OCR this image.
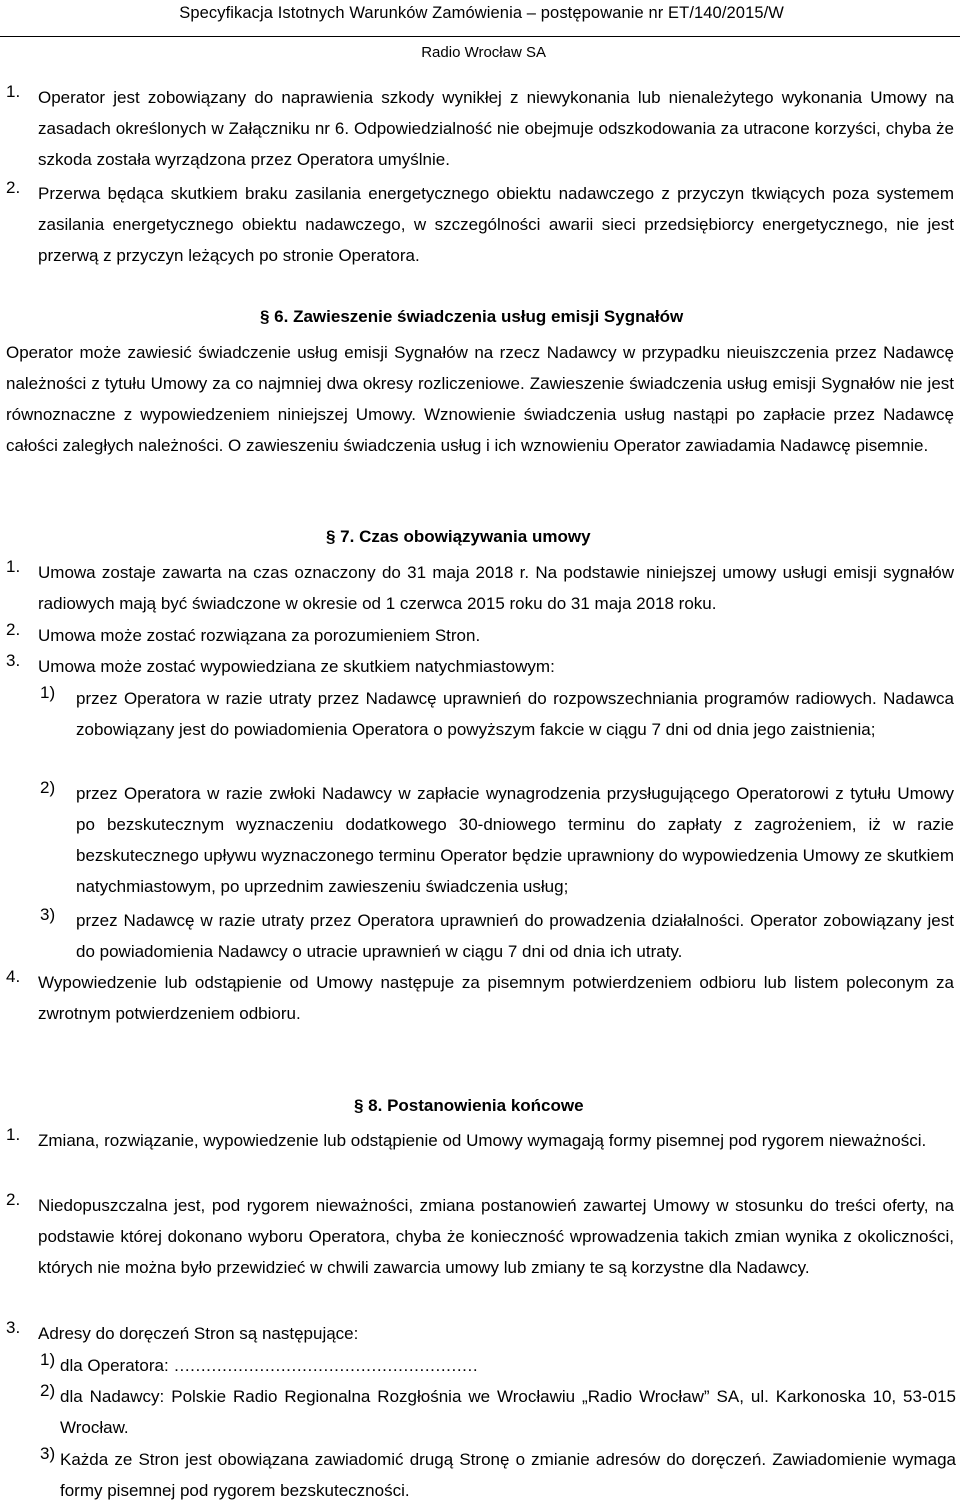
Specyfikacja Istotnych Warunków Zamówienia – postępowanie nr ET/140/2015/W
Radio Wrocław SA
1. Operator jest zobowiązany do naprawienia szkody wynikłej z niewykonania lub nienależytego wykonania Umowy na zasadach określonych w Załączniku nr 6. Odpowiedzialność nie obejmuje odszkodowania za utracone korzyści, chyba że szkoda została wyrządzona przez Operatora umyślnie.
2. Przerwa będąca skutkiem braku zasilania energetycznego obiektu nadawczego z przyczyn tkwiących poza systemem zasilania energetycznego obiektu nadawczego, w szczególności awarii sieci przedsiębiorcy energetycznego, nie jest przerwą z przyczyn leżących po stronie Operatora.
§ 6. Zawieszenie świadczenia usług emisji Sygnałów
Operator może zawiesić świadczenie usług emisji Sygnałów na rzecz Nadawcy w przypadku nieuiszczenia przez Nadawcę należności z tytułu Umowy za co najmniej dwa okresy rozliczeniowe. Zawieszenie świadczenia usług emisji Sygnałów nie jest równoznaczne z wypowiedzeniem niniejszej Umowy. Wznowienie świadczenia usług nastąpi po zapłacie przez Nadawcę całości zaległych należności. O zawieszeniu świadczenia usług i ich wznowieniu Operator zawiadamia Nadawcę pisemnie.
§ 7. Czas obowiązywania umowy
1. Umowa zostaje zawarta na czas oznaczony do 31 maja 2018 r. Na podstawie niniejszej umowy usługi emisji sygnałów radiowych mają być świadczone w okresie od 1 czerwca 2015 roku do 31 maja 2018 roku.
2. Umowa może zostać rozwiązana za porozumieniem Stron.
3. Umowa może zostać wypowiedziana ze skutkiem natychmiastowym:
1) przez Operatora w razie utraty przez Nadawcę uprawnień do rozpowszechniania programów radiowych. Nadawca zobowiązany jest do powiadomienia Operatora o powyższym fakcie w ciągu 7 dni od dnia jego zaistnienia;
2) przez Operatora w razie zwłoki Nadawcy w zapłacie wynagrodzenia przysługującego Operatorowi z tytułu Umowy po bezskutecznym wyznaczeniu dodatkowego 30-dniowego terminu do zapłaty z zagrożeniem, iż w razie bezskutecznego upływu wyznaczonego terminu Operator będzie uprawniony do wypowiedzenia Umowy ze skutkiem natychmiastowym, po uprzednim zawieszeniu świadczenia usług;
3) przez Nadawcę w razie utraty przez Operatora uprawnień do prowadzenia działalności. Operator zobowiązany jest do powiadomienia Nadawcy o utracie uprawnień w ciągu 7 dni od dnia ich utraty.
4. Wypowiedzenie lub odstąpienie od Umowy następuje za pisemnym potwierdzeniem odbioru lub listem poleconym za zwrotnym potwierdzeniem odbioru.
§ 8. Postanowienia końcowe
1. Zmiana, rozwiązanie, wypowiedzenie lub odstąpienie od Umowy wymagają formy pisemnej pod rygorem nieważności.
2. Niedopuszczalna jest, pod rygorem nieważności, zmiana postanowień zawartej Umowy w stosunku do treści oferty, na podstawie której dokonano wyboru Operatora, chyba że konieczność wprowadzenia takich zmian wynika z okoliczności, których nie można było przewidzieć w chwili zawarcia umowy lub zmiany te są korzystne dla Nadawcy.
3. Adresy do doręczeń Stron są następujące:
1) dla Operatora: …………………………………………………
2) dla Nadawcy: Polskie Radio Regionalna Rozgłośnia we Wrocławiu „Radio Wrocław” SA, ul. Karkonoska 10, 53-015 Wrocław.
3) Każda ze Stron jest obowiązana zawiadomić drugą Stronę o zmianie adresów do doręczeń. Zawiadomienie wymaga formy pisemnej pod rygorem bezskuteczności.
